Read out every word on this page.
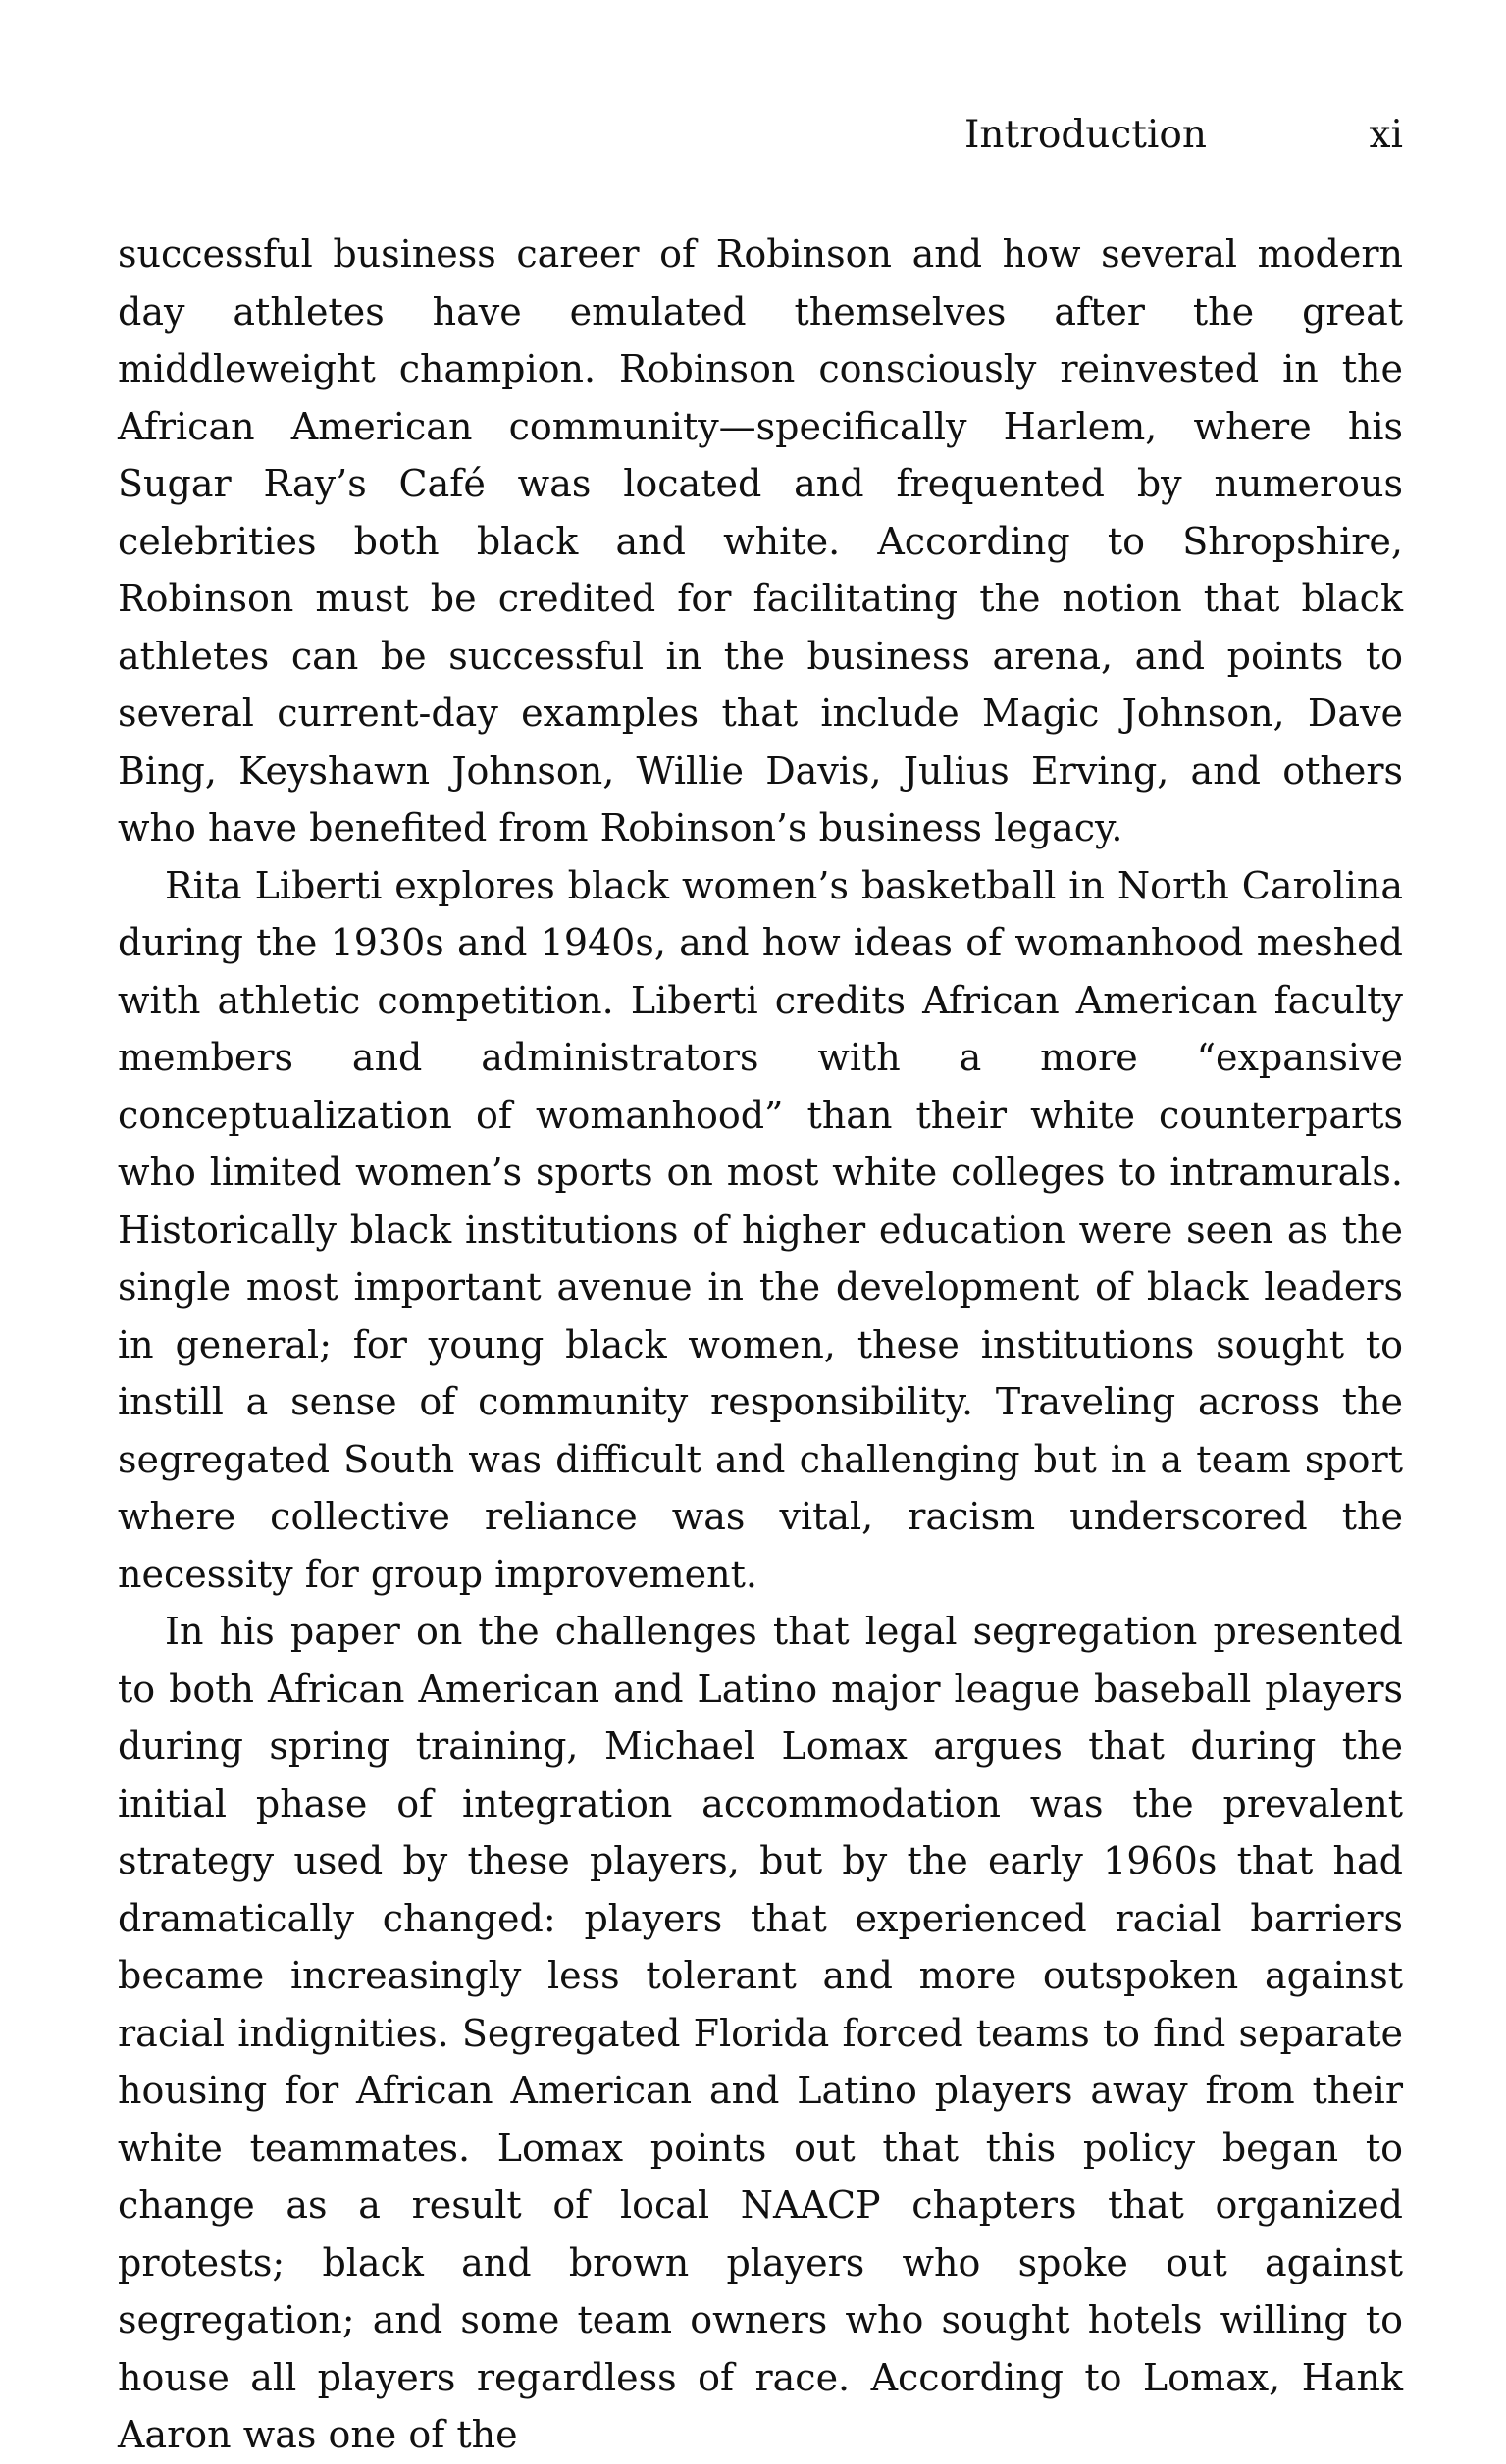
Introduction	xi

successful business career of Robinson and how several modern day athletes have emulated themselves after the great middleweight champion. Robinson consciously reinvested in the African American community—specifically Harlem, where his Sugar Ray’s Café was located and frequented by numerous celebrities both black and white. According to Shropshire, Robinson must be credited for facilitating the notion that black athletes can be successful in the business arena, and points to several current-day examples that include Magic Johnson, Dave Bing, Keyshawn Johnson, Willie Davis, Julius Erving, and others who have benefited from Robinson’s business legacy.

Rita Liberti explores black women’s basketball in North Carolina during the 1930s and 1940s, and how ideas of womanhood meshed with athletic competition. Liberti credits African American faculty members and administrators with a more “expansive conceptualization of womanhood” than their white counterparts who limited women’s sports on most white colleges to intramurals. Historically black institutions of higher education were seen as the single most important avenue in the development of black leaders in general; for young black women, these institutions sought to instill a sense of community responsibility. Traveling across the segregated South was difficult and challenging but in a team sport where collective reliance was vital, racism underscored the necessity for group improvement.

In his paper on the challenges that legal segregation presented to both African American and Latino major league baseball players during spring training, Michael Lomax argues that during the initial phase of integration accommodation was the prevalent strategy used by these players, but by the early 1960s that had dramatically changed: players that experienced racial barriers became increasingly less tolerant and more outspoken against racial indignities. Segregated Florida forced teams to find separate housing for African American and Latino players away from their white teammates. Lomax points out that this policy began to change as a result of local NAACP chapters that organized protests; black and brown players who spoke out against segregation; and some team owners who sought hotels willing to house all players regardless of race. According to Lomax, Hank Aaron was one of the
